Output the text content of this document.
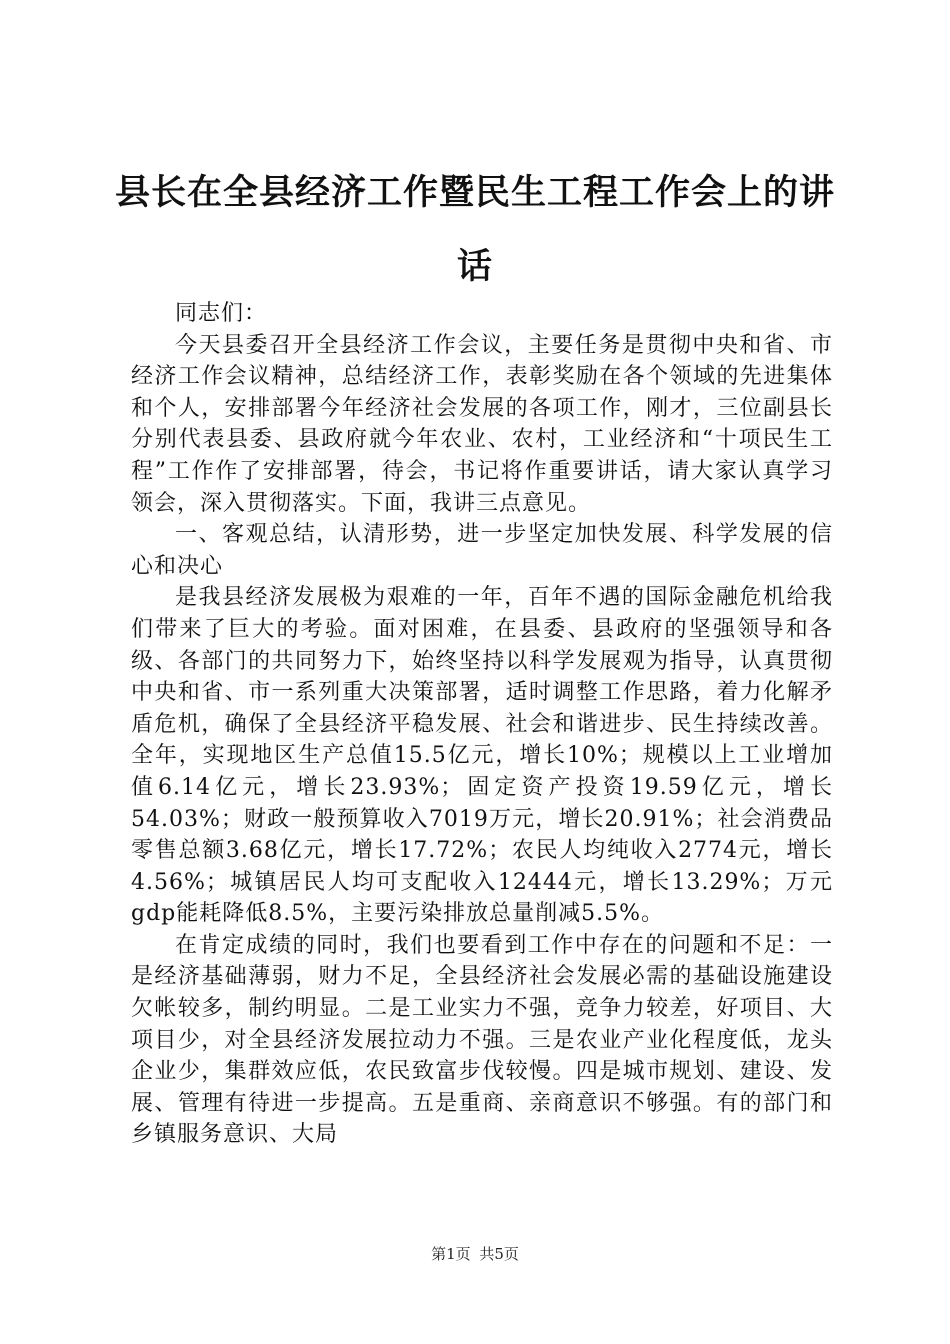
县长在全县经济工作暨民生工程工作会上的讲话

同志们：

今天县委召开全县经济工作会议，主要任务是贯彻中央和省、市经济工作会议精神，总结经济工作，表彰奖励在各个领域的先进集体和个人，安排部署今年经济社会发展的各项工作，刚才，三位副县长分别代表县委、县政府就今年农业、农村，工业经济和“十项民生工程”工作作了安排部署，待会，书记将作重要讲话，请大家认真学习领会，深入贯彻落实。下面，我讲三点意见。

一、客观总结，认清形势，进一步坚定加快发展、科学发展的信心和决心

是我县经济发展极为艰难的一年，百年不遇的国际金融危机给我们带来了巨大的考验。面对困难，在县委、县政府的坚强领导和各级、各部门的共同努力下，始终坚持以科学发展观为指导，认真贯彻中央和省、市一系列重大决策部署，适时调整工作思路，着力化解矛盾危机，确保了全县经济平稳发展、社会和谐进步、民生持续改善。全年，实现地区生产总值15.5亿元，增长10%；规模以上工业增加值6.14亿元，增长23.93%；固定资产投资19.59亿元，增长54.03%；财政一般预算收入7019万元，增长20.91%；社会消费品零售总额3.68亿元，增长17.72%；农民人均纯收入2774元，增长4.56%；城镇居民人均可支配收入12444元，增长13.29%；万元gdp能耗降低8.5%，主要污染排放总量削减5.5%。

在肯定成绩的同时，我们也要看到工作中存在的问题和不足：一是经济基础薄弱，财力不足，全县经济社会发展必需的基础设施建设欠帐较多，制约明显。二是工业实力不强，竞争力较差，好项目、大项目少，对全县经济发展拉动力不强。三是农业产业化程度低，龙头企业少，集群效应低，农民致富步伐较慢。四是城市规划、建设、发展、管理有待进一步提高。五是重商、亲商意识不够强。有的部门和乡镇服务意识、大局

第1页 共5页
